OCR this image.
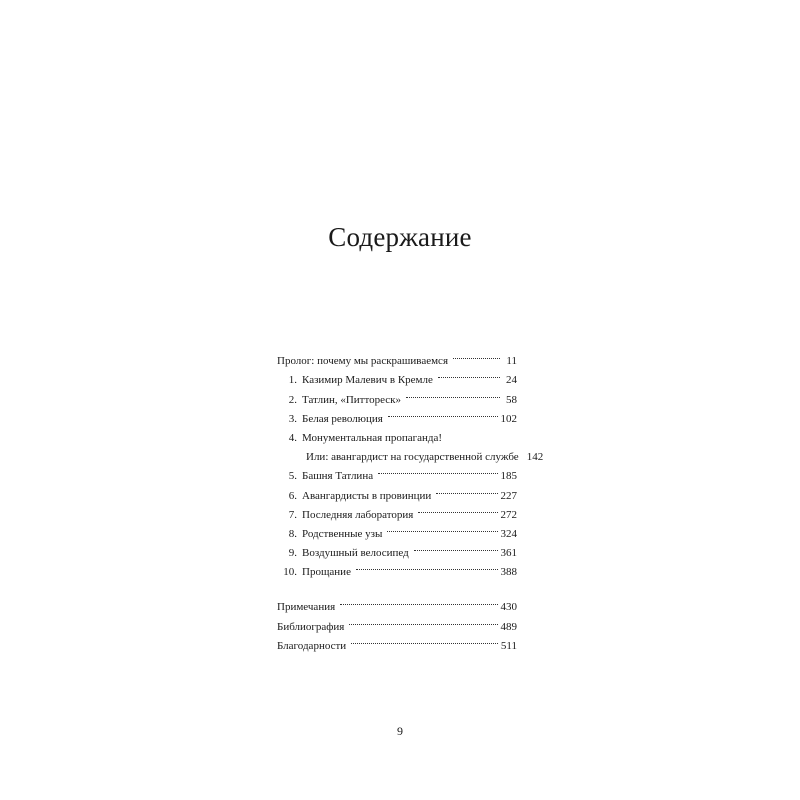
Содержание
Пролог: почему мы раскрашиваемся	11
1. Казимир Малевич в Кремле	24
2. Татлин, «Питтореск»	58
3. Белая революция	102
4. Монументальная пропаганда!
Или: авангардист на государственной службе 142
5. Башня Татлина	185
6. Авангардисты в провинции	227
7. Последняя лаборатория	272
8. Родственные узы	324
9. Воздушный велосипед	361
10. Прощание	388
Примечания	430
Библиография	489
Благодарности	511
9
